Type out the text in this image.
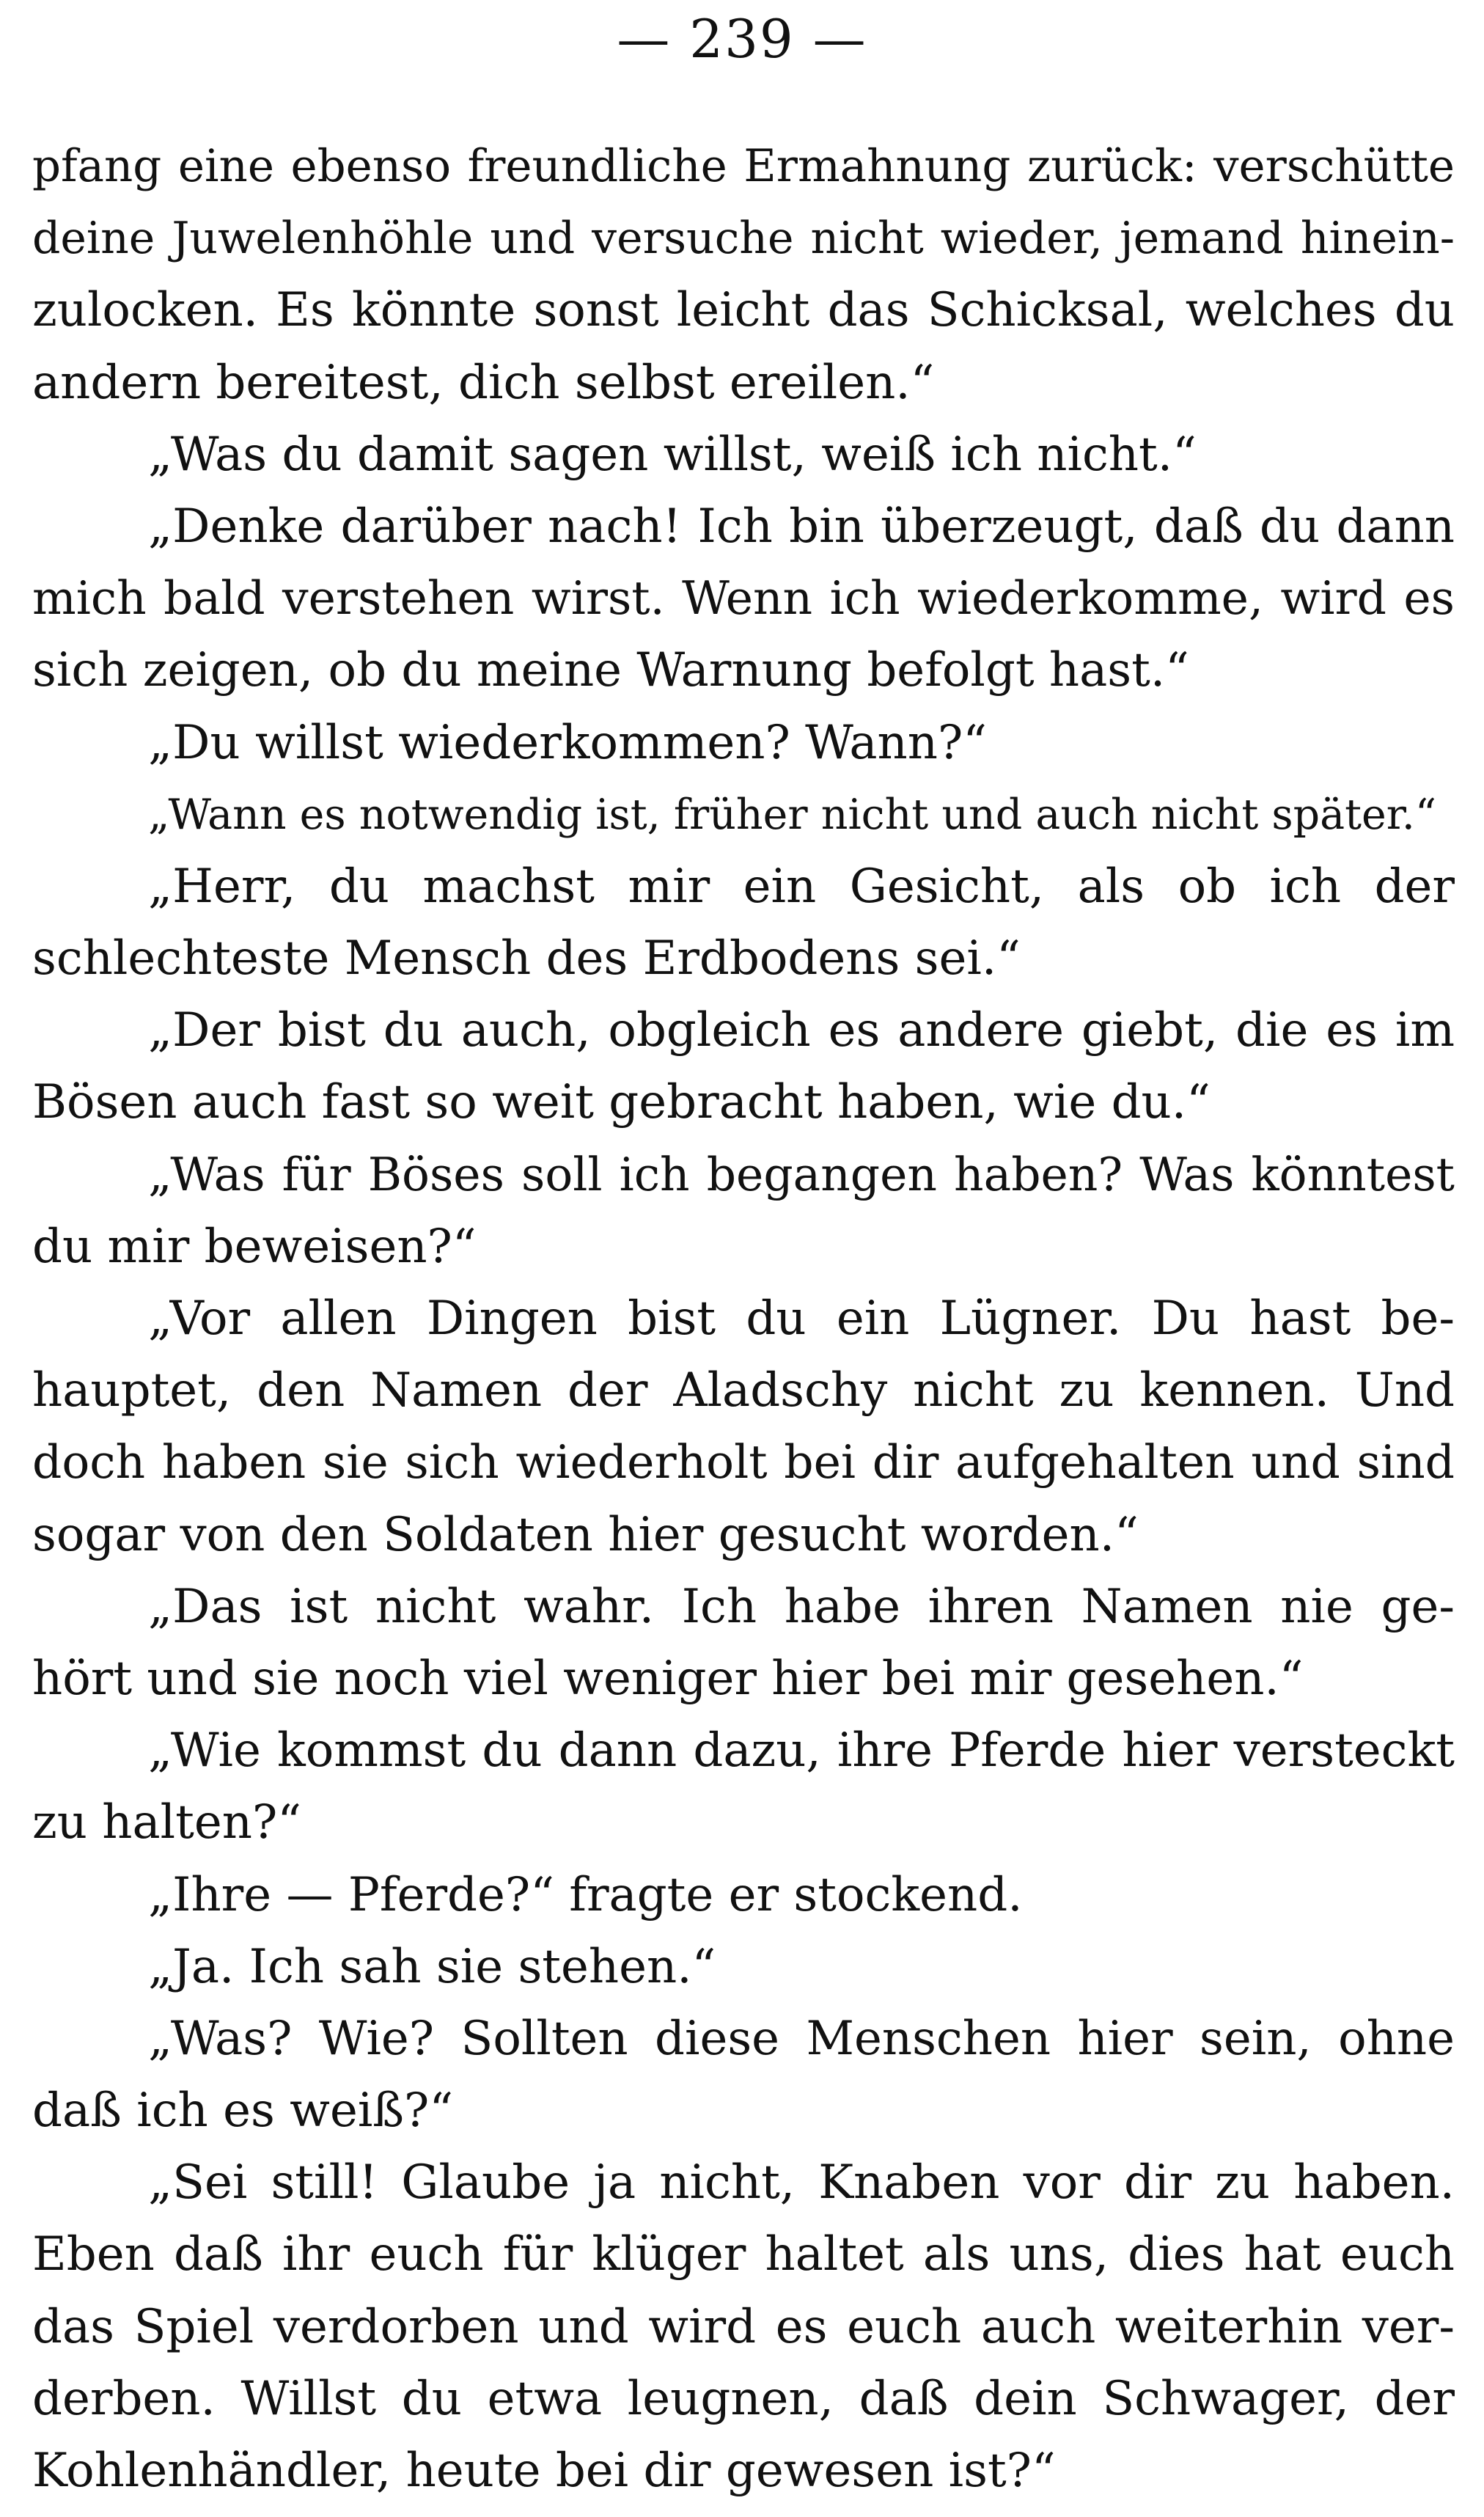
— 239 —
pfang eine ebenso freundliche Ermahnung zurück: verschütte
deine Juwelenhöhle und versuche nicht wieder, jemand hinein-
zulocken. Es könnte sonst leicht das Schicksal, welches du
andern bereitest, dich selbst ereilen.“
„Was du damit sagen willst, weiß ich nicht.“
„Denke darüber nach! Ich bin überzeugt, daß du dann
mich bald verstehen wirst. Wenn ich wiederkomme, wird es
sich zeigen, ob du meine Warnung befolgt hast.“
„Du willst wiederkommen? Wann?“
„Wann es notwendig ist, früher nicht und auch nicht später.“
„Herr, du machst mir ein Gesicht, als ob ich der
schlechteste Mensch des Erdbodens sei.“
„Der bist du auch, obgleich es andere giebt, die es im
Bösen auch fast so weit gebracht haben, wie du.“
„Was für Böses soll ich begangen haben? Was könntest
du mir beweisen?“
„Vor allen Dingen bist du ein Lügner. Du hast be-
hauptet, den Namen der Aladschy nicht zu kennen. Und
doch haben sie sich wiederholt bei dir aufgehalten und sind
sogar von den Soldaten hier gesucht worden.“
„Das ist nicht wahr. Ich habe ihren Namen nie ge-
hört und sie noch viel weniger hier bei mir gesehen.“
„Wie kommst du dann dazu, ihre Pferde hier versteckt
zu halten?“
„Ihre — Pferde?“ fragte er stockend.
„Ja. Ich sah sie stehen.“
„Was? Wie? Sollten diese Menschen hier sein, ohne
daß ich es weiß?“
„Sei still! Glaube ja nicht, Knaben vor dir zu haben.
Eben daß ihr euch für klüger haltet als uns, dies hat euch
das Spiel verdorben und wird es euch auch weiterhin ver-
derben. Willst du etwa leugnen, daß dein Schwager, der
Kohlenhändler, heute bei dir gewesen ist?“
